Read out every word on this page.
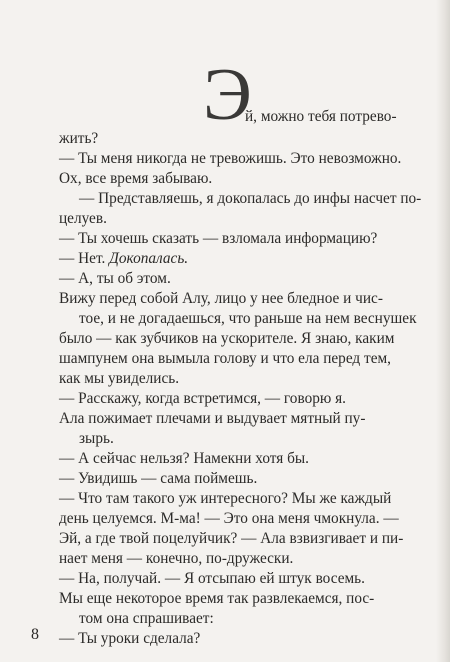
Э
й, можно тебя потрево-
жить?
— Ты меня никогда не тревожишь. Это невозможно.
Ох, все время забываю.
— Представляешь, я докопалась до инфы насчет по-
целуев.
— Ты хочешь сказать — взломала информацию?
— Нет. Докопалась.
— А, ты об этом.
Вижу перед собой Алу, лицо у нее бледное и чис-
тое, и не догадаешься, что раньше на нем веснушек
было — как зубчиков на ускорителе. Я знаю, каким
шампунем она вымыла голову и что ела перед тем,
как мы увиделись.
— Расскажу, когда встретимся, — говорю я.
Ала пожимает плечами и выдувает мятный пу-
зырь.
— А сейчас нельзя? Намекни хотя бы.
— Увидишь — сама поймешь.
— Что там такого уж интересного? Мы же каждый
день целуемся. М-ма! — Это она меня чмокнула. —
Эй, а где твой поцелуйчик? — Ала взвизгивает и пи-
нает меня — конечно, по-дружески.
— На, получай. — Я отсыпаю ей штук восемь.
Мы еще некоторое время так развлекаемся, пос-
том она спрашивает:
— Ты уроки сделала?
8
